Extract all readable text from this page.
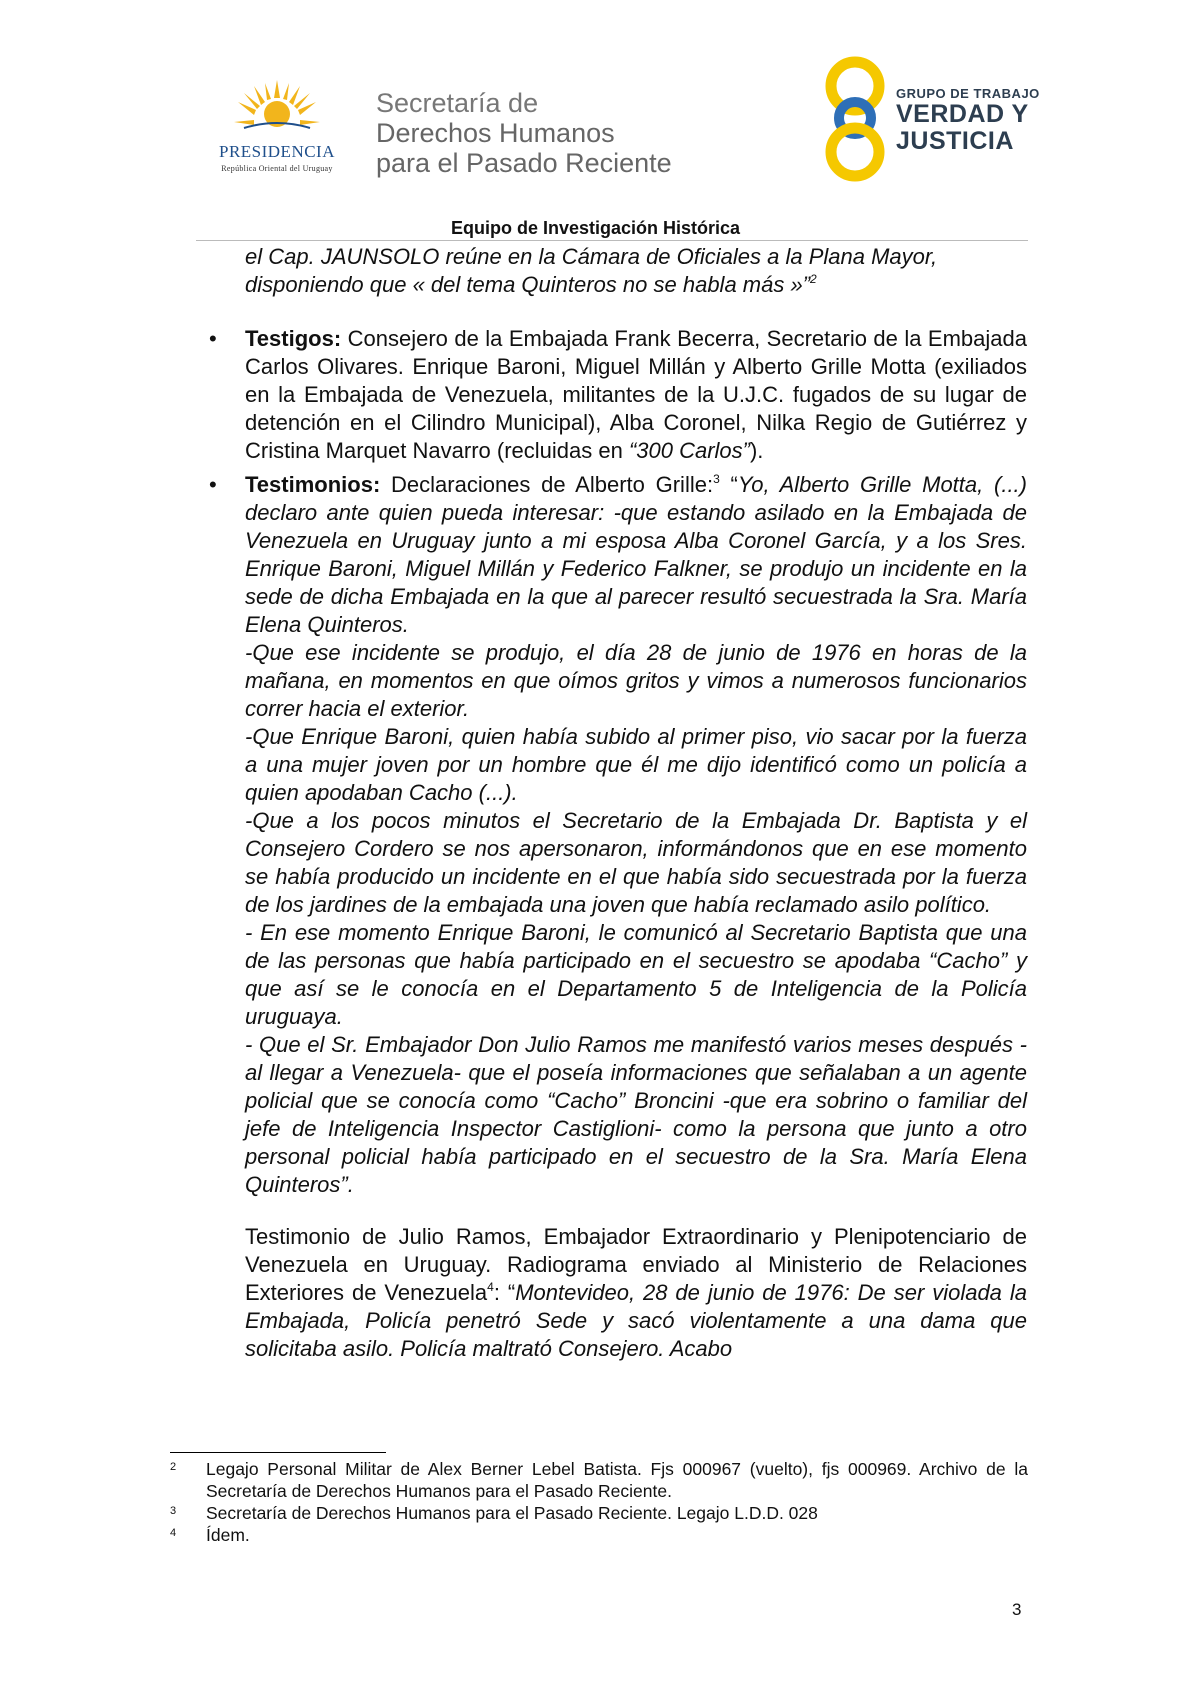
PRESIDENCIA
República Oriental del Uruguay
Secretaría de
Derechos Humanos
para el Pasado Reciente
GRUPO DE TRABAJO
VERDAD Y
JUSTICIA
Equipo de Investigación Histórica

el Cap. JAUNSOLO reúne en la Cámara de Oficiales a la Plana Mayor,
disponiendo que « del tema Quinteros no se habla más »”$^2$

•

Testigos: Consejero de la Embajada Frank Becerra, Secretario de la Embajada Carlos Olivares. Enrique Baroni, Miguel Millán y Alberto Grille Motta (exiliados en la Embajada de Venezuela, militantes de la U.J.C. fugados de su lugar de detención en el Cilindro Municipal), Alba Coronel, Nilka Regio de Gutiérrez y Cristina Marquet Navarro (recluidas en “300 Carlos”).

•

Testimonios: Declaraciones de Alberto Grille:$^3$ “Yo, Alberto Grille Motta, (...) declaro ante quien pueda interesar: -que estando asilado en la Embajada de Venezuela en Uruguay junto a mi esposa Alba Coronel García, y a los Sres. Enrique Baroni, Miguel Millán y Federico Falkner, se produjo un incidente en la sede de dicha Embajada en la que al parecer resultó secuestrada la Sra. María Elena Quinteros.

-Que ese incidente se produjo, el día 28 de junio de 1976 en horas de la mañana, en momentos en que oímos gritos y vimos a numerosos funcionarios correr hacia el exterior.

-Que Enrique Baroni, quien había subido al primer piso, vio sacar por la fuerza a una mujer joven por un hombre que él me dijo identificó como un policía a quien apodaban Cacho (...).

-Que a los pocos minutos el Secretario de la Embajada Dr. Baptista y el Consejero Cordero se nos apersonaron, informándonos que en ese momento se había producido un incidente en el que había sido secuestrada por la fuerza de los jardines de la embajada una joven que había reclamado asilo político.

- En ese momento Enrique Baroni, le comunicó al Secretario Baptista que una de las personas que había participado en el secuestro se apodaba “Cacho” y que así se le conocía en el Departamento 5 de Inteligencia de la Policía uruguaya.

- Que el Sr. Embajador Don Julio Ramos me manifestó varios meses después -al llegar a Venezuela- que el poseía informaciones que señalaban a un agente policial que se conocía como “Cacho” Broncini -que era sobrino o familiar del jefe de Inteligencia Inspector Castiglioni- como la persona que junto a otro personal policial había participado en el secuestro de la Sra. María Elena Quinteros”.

Testimonio de Julio Ramos, Embajador Extraordinario y Plenipotenciario de Venezuela en Uruguay. Radiograma enviado al Ministerio de Relaciones Exteriores de Venezuela$^4$: “Montevideo, 28 de junio de 1976: De ser violada la Embajada, Policía penetró Sede y sacó violentamente a una dama que solicitaba asilo. Policía maltrató Consejero. Acabo

2 Legajo Personal Militar de Alex Berner Lebel Batista. Fjs 000967 (vuelto), fjs 000969. Archivo de la Secretaría de Derechos Humanos para el Pasado Reciente.
3 Secretaría de Derechos Humanos para el Pasado Reciente. Legajo L.D.D. 028
4 Ídem.
3
